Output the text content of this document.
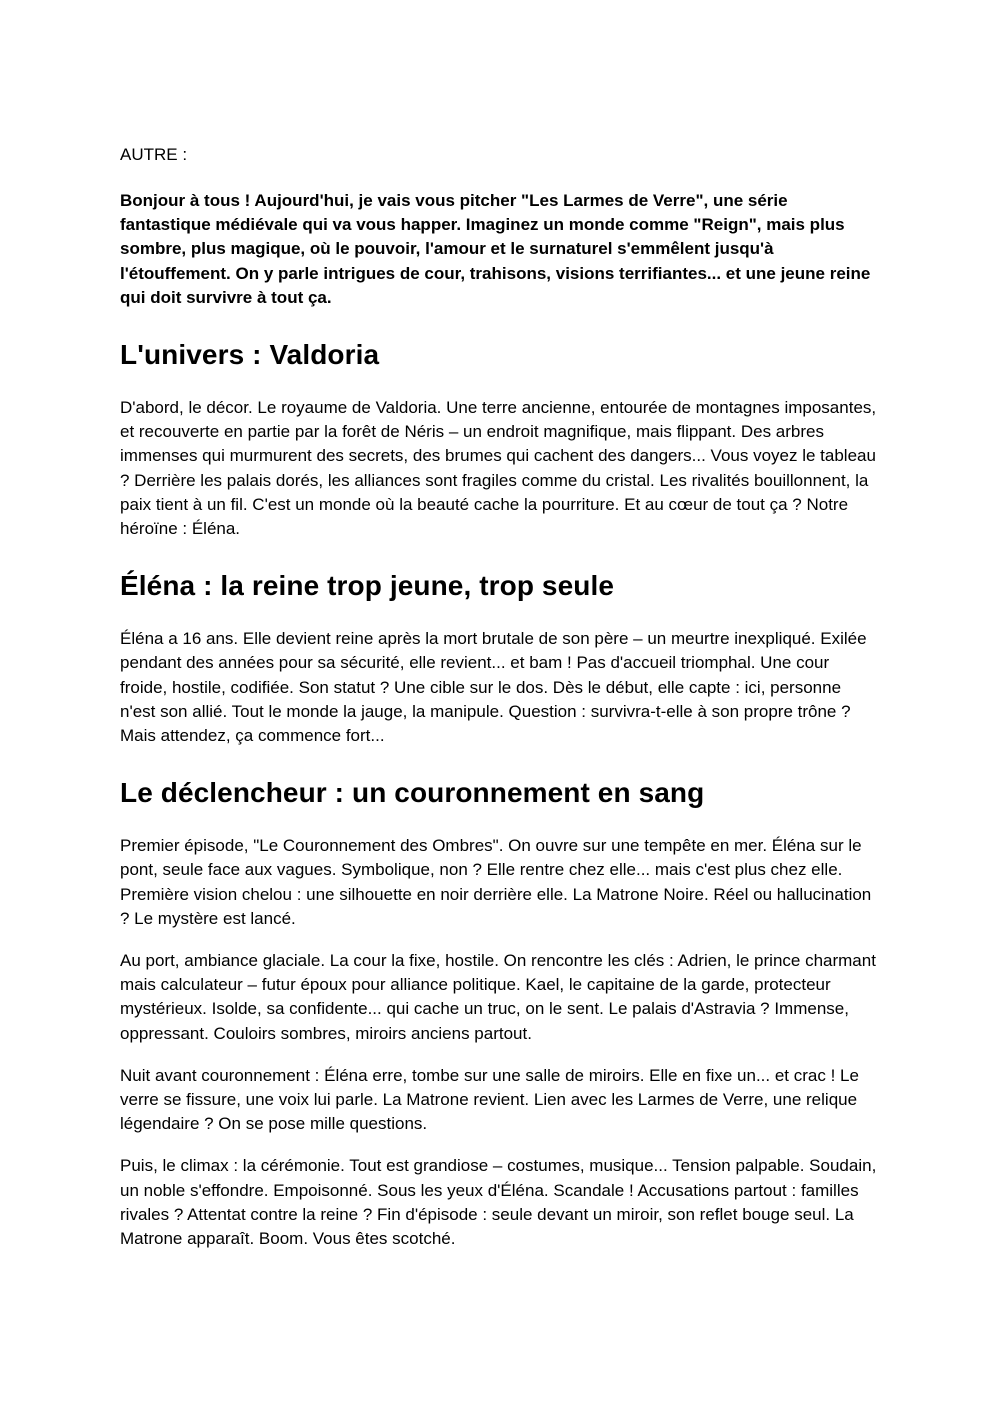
AUTRE :

Bonjour à tous ! Aujourd'hui, je vais vous pitcher "Les Larmes de Verre", une série fantastique médiévale qui va vous happer. Imaginez un monde comme "Reign", mais plus sombre, plus magique, où le pouvoir, l'amour et le surnaturel s'emmêlent jusqu'à l'étouffement. On y parle intrigues de cour, trahisons, visions terrifiantes... et une jeune reine qui doit survivre à tout ça.

L'univers : Valdoria

D'abord, le décor. Le royaume de Valdoria. Une terre ancienne, entourée de montagnes imposantes, et recouverte en partie par la forêt de Néris – un endroit magnifique, mais flippant. Des arbres immenses qui murmurent des secrets, des brumes qui cachent des dangers... Vous voyez le tableau ? Derrière les palais dorés, les alliances sont fragiles comme du cristal. Les rivalités bouillonnent, la paix tient à un fil. C'est un monde où la beauté cache la pourriture. Et au cœur de tout ça ? Notre héroïne : Éléna.

Éléna : la reine trop jeune, trop seule

Éléna a 16 ans. Elle devient reine après la mort brutale de son père – un meurtre inexpliqué. Exilée pendant des années pour sa sécurité, elle revient... et bam ! Pas d'accueil triomphal. Une cour froide, hostile, codifiée. Son statut ? Une cible sur le dos. Dès le début, elle capte : ici, personne n'est son allié. Tout le monde la jauge, la manipule. Question : survivra-t-elle à son propre trône ? Mais attendez, ça commence fort...

Le déclencheur : un couronnement en sang

Premier épisode, "Le Couronnement des Ombres". On ouvre sur une tempête en mer. Éléna sur le pont, seule face aux vagues. Symbolique, non ? Elle rentre chez elle... mais c'est plus chez elle. Première vision chelou : une silhouette en noir derrière elle. La Matrone Noire. Réel ou hallucination ? Le mystère est lancé.

Au port, ambiance glaciale. La cour la fixe, hostile. On rencontre les clés : Adrien, le prince charmant mais calculateur – futur époux pour alliance politique. Kael, le capitaine de la garde, protecteur mystérieux. Isolde, sa confidente... qui cache un truc, on le sent. Le palais d'Astravia ? Immense, oppressant. Couloirs sombres, miroirs anciens partout.

Nuit avant couronnement : Éléna erre, tombe sur une salle de miroirs. Elle en fixe un... et crac ! Le verre se fissure, une voix lui parle. La Matrone revient. Lien avec les Larmes de Verre, une relique légendaire ? On se pose mille questions.

Puis, le climax : la cérémonie. Tout est grandiose – costumes, musique... Tension palpable. Soudain, un noble s'effondre. Empoisonné. Sous les yeux d'Éléna. Scandale ! Accusations partout : familles rivales ? Attentat contre la reine ? Fin d'épisode : seule devant un miroir, son reflet bouge seul. La Matrone apparaît. Boom. Vous êtes scotché.
